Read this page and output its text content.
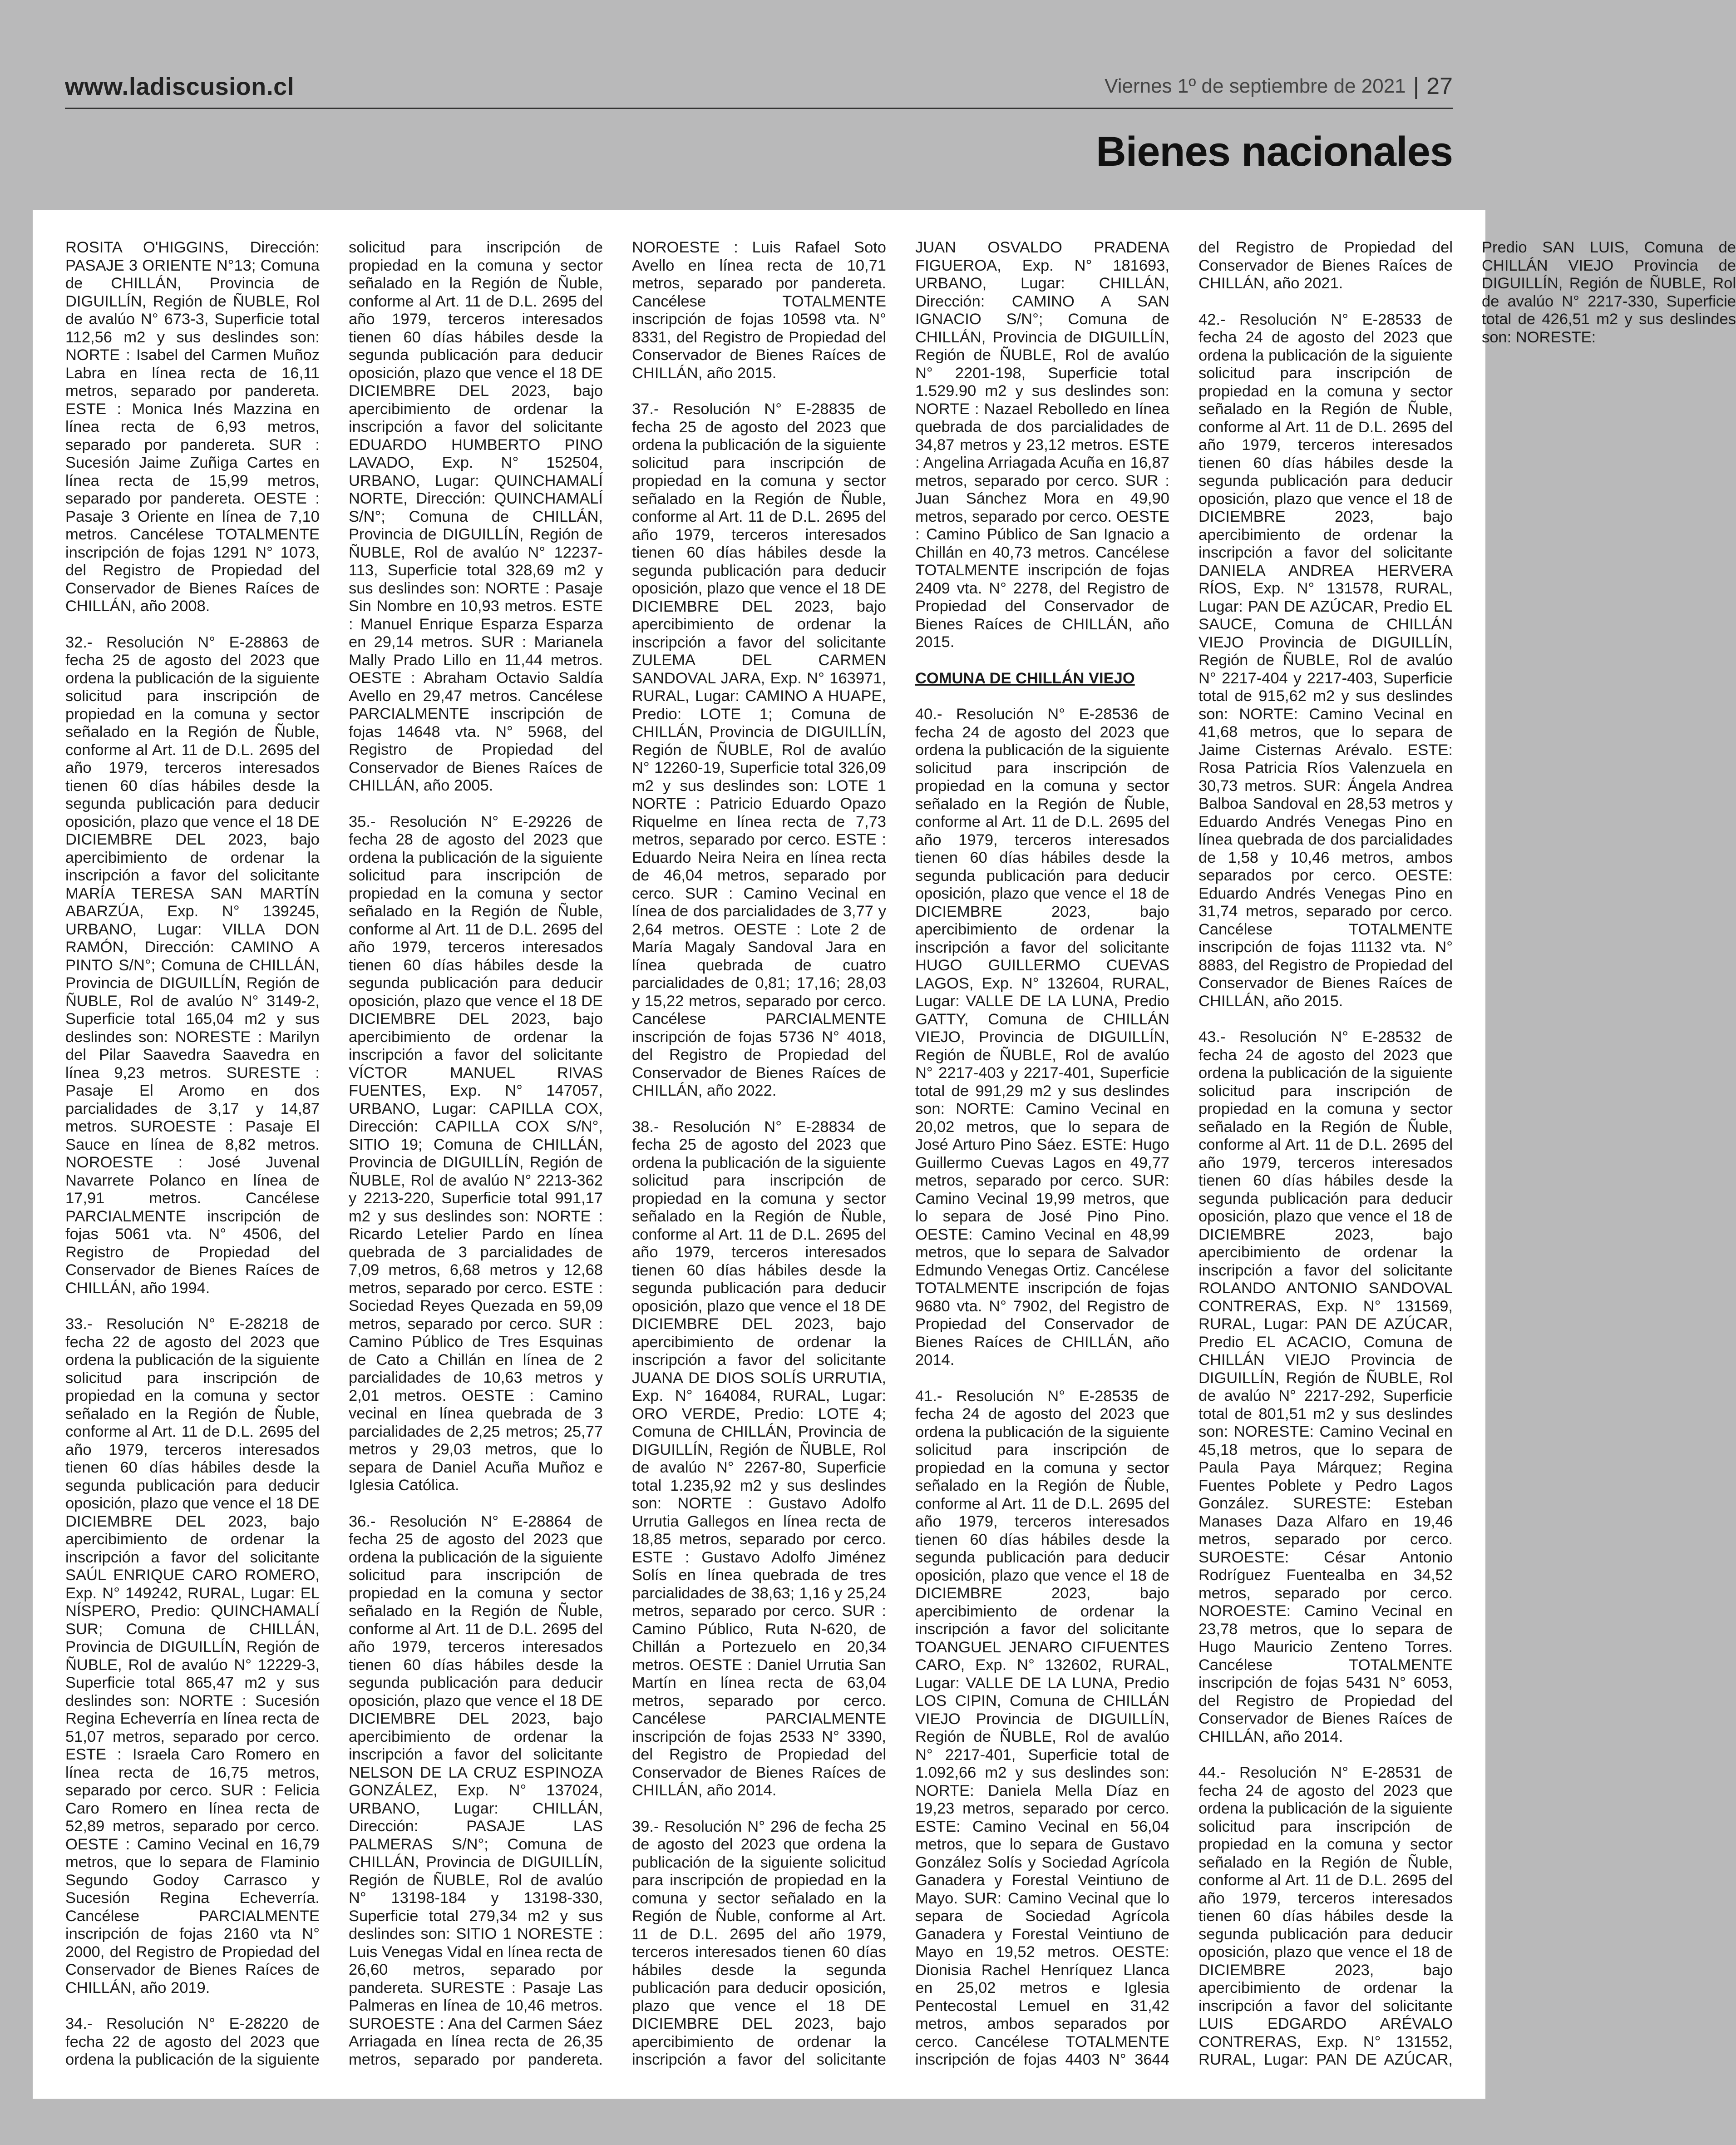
www.ladiscusion.cl	Viernes 1º de septiembre de 2021 | 27
Bienes nacionales

ROSITA O'HIGGINS, Dirección: PASAJE 3 ORIENTE N°13; Comuna de CHILLÁN, Provincia de DIGUILLÍN, Región de ÑUBLE, Rol de avalúo N° 673-3, Superficie total 112,56 m2 y sus deslindes son: NORTE : Isabel del Carmen Muñoz Labra en línea recta de 16,11 metros, separado por pandereta. ESTE : Monica Inés Mazzina en línea recta de 6,93 metros, separado por pandereta. SUR : Sucesión Jaime Zuñiga Cartes en línea recta de 15,99 metros, separado por pandereta. OESTE : Pasaje 3 Oriente en línea de 7,10 metros. Cancélese TOTALMENTE inscripción de fojas 1291 N° 1073, del Registro de Propiedad del Conservador de Bienes Raíces de CHILLÁN, año 2008.

32.- Resolución N° E-28863 de fecha 25 de agosto del 2023 que ordena la publicación de la siguiente solicitud para inscripción de propiedad en la comuna y sector señalado en la Región de Ñuble, conforme al Art. 11 de D.L. 2695 del año 1979, terceros interesados tienen 60 días hábiles desde la segunda publicación para deducir oposición, plazo que vence el 18 DE DICIEMBRE DEL 2023, bajo apercibimiento de ordenar la inscripción a favor del solicitante MARÍA TERESA SAN MARTÍN ABARZÚA, Exp. N° 139245, URBANO, Lugar: VILLA DON RAMÓN, Dirección: CAMINO A PINTO S/N°; Comuna de CHILLÁN, Provincia de DIGUILLÍN, Región de ÑUBLE, Rol de avalúo N° 3149-2, Superficie total 165,04 m2 y sus deslindes son: NORESTE : Marilyn del Pilar Saavedra Saavedra en línea 9,23 metros. SURESTE : Pasaje El Aromo en dos parcialidades de 3,17 y 14,87 metros. SUROESTE : Pasaje El Sauce en línea de 8,82 metros. NOROESTE : José Juvenal Navarrete Polanco en línea de 17,91 metros. Cancélese PARCIALMENTE inscripción de fojas 5061 vta. N° 4506, del Registro de Propiedad del Conservador de Bienes Raíces de CHILLÁN, año 1994.

33.- Resolución N° E-28218 de fecha 22 de agosto del 2023 que ordena la publicación de la siguiente solicitud para inscripción de propiedad en la comuna y sector señalado en la Región de Ñuble, conforme al Art. 11 de D.L. 2695 del año 1979, terceros interesados tienen 60 días hábiles desde la segunda publicación para deducir oposición, plazo que vence el 18 DE DICIEMBRE DEL 2023, bajo apercibimiento de ordenar la inscripción a favor del solicitante SAÚL ENRIQUE CARO ROMERO, Exp. N° 149242, RURAL, Lugar: EL NÍSPERO, Predio: QUINCHAMALÍ SUR; Comuna de CHILLÁN, Provincia de DIGUILLÍN, Región de ÑUBLE, Rol de avalúo N° 12229-3, Superficie total 865,47 m2 y sus deslindes son: NORTE : Sucesión Regina Echeverría en línea recta de 51,07 metros, separado por cerco. ESTE : Israela Caro Romero en línea recta de 16,75 metros, separado por cerco. SUR : Felicia Caro Romero en línea recta de 52,89 metros, separado por cerco. OESTE : Camino Vecinal en 16,79 metros, que lo separa de Flaminio Segundo Godoy Carrasco y Sucesión Regina Echeverría. Cancélese PARCIALMENTE inscripción de fojas 2160 vta N° 2000, del Registro de Propiedad del Conservador de Bienes Raíces de CHILLÁN, año 2019.

34.- Resolución N° E-28220 de fecha 22 de agosto del 2023 que ordena la publicación de la siguiente solicitud para inscripción de propiedad en la comuna y sector señalado en la Región de Ñuble, conforme al Art. 11 de D.L. 2695 del año 1979, terceros interesados tienen 60 días hábiles desde la segunda publicación para deducir oposición, plazo que vence el 18 DE DICIEMBRE DEL 2023, bajo apercibimiento de ordenar la inscripción a favor del solicitante EDUARDO HUMBERTO PINO LAVADO, Exp. N° 152504, URBANO, Lugar: QUINCHAMALÍ NORTE, Dirección: QUINCHAMALÍ S/N°; Comuna de CHILLÁN, Provincia de DIGUILLÍN, Región de ÑUBLE, Rol de avalúo N° 12237-113, Superficie total 328,69 m2 y sus deslindes son: NORTE : Pasaje Sin Nombre en 10,93 metros. ESTE : Manuel Enrique Esparza Esparza en 29,14 metros. SUR : Marianela Mally Prado Lillo en 11,44 metros. OESTE : Abraham Octavio Saldía Avello en 29,47 metros. Cancélese PARCIALMENTE inscripción de fojas 14648 vta. N° 5968, del Registro de Propiedad del Conservador de Bienes Raíces de CHILLÁN, año 2005.

35.- Resolución N° E-29226 de fecha 28 de agosto del 2023 que ordena la publicación de la siguiente solicitud para inscripción de propiedad en la comuna y sector señalado en la Región de Ñuble, conforme al Art. 11 de D.L. 2695 del año 1979, terceros interesados tienen 60 días hábiles desde la segunda publicación para deducir oposición, plazo que vence el 18 DE DICIEMBRE DEL 2023, bajo apercibimiento de ordenar la inscripción a favor del solicitante VÍCTOR MANUEL RIVAS FUENTES, Exp. N° 147057, URBANO, Lugar: CAPILLA COX, Dirección: CAPILLA COX S/N°, SITIO 19; Comuna de CHILLÁN, Provincia de DIGUILLÍN, Región de ÑUBLE, Rol de avalúo N° 2213-362 y 2213-220, Superficie total 991,17 m2 y sus deslindes son: NORTE : Ricardo Letelier Pardo en línea quebrada de 3 parcialidades de 7,09 metros, 6,68 metros y 12,68 metros, separado por cerco. ESTE : Sociedad Reyes Quezada en 59,09 metros, separado por cerco. SUR : Camino Público de Tres Esquinas de Cato a Chillán en línea de 2 parcialidades de 10,63 metros y 2,01 metros. OESTE : Camino vecinal en línea quebrada de 3 parcialidades de 2,25 metros; 25,77 metros y 29,03 metros, que lo separa de Daniel Acuña Muñoz e Iglesia Católica.

36.- Resolución N° E-28864 de fecha 25 de agosto del 2023 que ordena la publicación de la siguiente solicitud para inscripción de propiedad en la comuna y sector señalado en la Región de Ñuble, conforme al Art. 11 de D.L. 2695 del año 1979, terceros interesados tienen 60 días hábiles desde la segunda publicación para deducir oposición, plazo que vence el 18 DE DICIEMBRE DEL 2023, bajo apercibimiento de ordenar la inscripción a favor del solicitante NELSON DE LA CRUZ ESPINOZA GONZÁLEZ, Exp. N° 137024, URBANO, Lugar: CHILLÁN, Dirección: PASAJE LAS PALMERAS S/N°; Comuna de CHILLÁN, Provincia de DIGUILLÍN, Región de ÑUBLE, Rol de avalúo N° 13198-184 y 13198-330, Superficie total 279,34 m2 y sus deslindes son: SITIO 1 NORESTE : Luis Venegas Vidal en línea recta de 26,60 metros, separado por pandereta. SURESTE : Pasaje Las Palmeras en línea de 10,46 metros. SUROESTE : Ana del Carmen Sáez Arriagada en línea recta de 26,35 metros, separado por pandereta. NOROESTE : Luis Rafael Soto Avello en línea recta de 10,71 metros, separado por pandereta. Cancélese TOTALMENTE inscripción de fojas 10598 vta. N° 8331, del Registro de Propiedad del Conservador de Bienes Raíces de CHILLÁN, año 2015.

37.- Resolución N° E-28835 de fecha 25 de agosto del 2023 que ordena la publicación de la siguiente solicitud para inscripción de propiedad en la comuna y sector señalado en la Región de Ñuble, conforme al Art. 11 de D.L. 2695 del año 1979, terceros interesados tienen 60 días hábiles desde la segunda publicación para deducir oposición, plazo que vence el 18 DE DICIEMBRE DEL 2023, bajo apercibimiento de ordenar la inscripción a favor del solicitante ZULEMA DEL CARMEN SANDOVAL JARA, Exp. N° 163971, RURAL, Lugar: CAMINO A HUAPE, Predio: LOTE 1; Comuna de CHILLÁN, Provincia de DIGUILLÍN, Región de ÑUBLE, Rol de avalúo N° 12260-19, Superficie total 326,09 m2 y sus deslindes son: LOTE 1 NORTE : Patricio Eduardo Opazo Riquelme en línea recta de 7,73 metros, separado por cerco. ESTE : Eduardo Neira Neira en línea recta de 46,04 metros, separado por cerco. SUR : Camino Vecinal en línea de dos parcialidades de 3,77 y 2,64 metros. OESTE : Lote 2 de María Magaly Sandoval Jara en línea quebrada de cuatro parcialidades de 0,81; 17,16; 28,03 y 15,22 metros, separado por cerco. Cancélese PARCIALMENTE inscripción de fojas 5736 N° 4018, del Registro de Propiedad del Conservador de Bienes Raíces de CHILLÁN, año 2022.

38.- Resolución N° E-28834 de fecha 25 de agosto del 2023 que ordena la publicación de la siguiente solicitud para inscripción de propiedad en la comuna y sector señalado en la Región de Ñuble, conforme al Art. 11 de D.L. 2695 del año 1979, terceros interesados tienen 60 días hábiles desde la segunda publicación para deducir oposición, plazo que vence el 18 DE DICIEMBRE DEL 2023, bajo apercibimiento de ordenar la inscripción a favor del solicitante JUANA DE DIOS SOLÍS URRUTIA, Exp. N° 164084, RURAL, Lugar: ORO VERDE, Predio: LOTE 4; Comuna de CHILLÁN, Provincia de DIGUILLÍN, Región de ÑUBLE, Rol de avalúo N° 2267-80, Superficie total 1.235,92 m2 y sus deslindes son: NORTE : Gustavo Adolfo Urrutia Gallegos en línea recta de 18,85 metros, separado por cerco. ESTE : Gustavo Adolfo Jiménez Solís en línea quebrada de tres parcialidades de 38,63; 1,16 y 25,24 metros, separado por cerco. SUR : Camino Público, Ruta N-620, de Chillán a Portezuelo en 20,34 metros. OESTE : Daniel Urrutia San Martín en línea recta de 63,04 metros, separado por cerco. Cancélese PARCIALMENTE inscripción de fojas 2533 N° 3390, del Registro de Propiedad del Conservador de Bienes Raíces de CHILLÁN, año 2014.

39.- Resolución N° 296 de fecha 25 de agosto del 2023 que ordena la publicación de la siguiente solicitud para inscripción de propiedad en la comuna y sector señalado en la Región de Ñuble, conforme al Art. 11 de D.L. 2695 del año 1979, terceros interesados tienen 60 días hábiles desde la segunda publicación para deducir oposición, plazo que vence el 18 DE DICIEMBRE DEL 2023, bajo apercibimiento de ordenar la inscripción a favor del solicitante JUAN OSVALDO PRADENA FIGUEROA, Exp. N° 181693, URBANO, Lugar: CHILLÁN, Dirección: CAMINO A SAN IGNACIO S/N°; Comuna de CHILLÁN, Provincia de DIGUILLÍN, Región de ÑUBLE, Rol de avalúo N° 2201-198, Superficie total 1.529.90 m2 y sus deslindes son: NORTE : Nazael Rebolledo en línea quebrada de dos parcialidades de 34,87 metros y 23,12 metros. ESTE : Angelina Arriagada Acuña en 16,87 metros, separado por cerco. SUR : Juan Sánchez Mora en 49,90 metros, separado por cerco. OESTE : Camino Público de San Ignacio a Chillán en 40,73 metros. Cancélese TOTALMENTE inscripción de fojas 2409 vta. N° 2278, del Registro de Propiedad del Conservador de Bienes Raíces de CHILLÁN, año 2015.

COMUNA DE CHILLÁN VIEJO

40.- Resolución N° E-28536 de fecha 24 de agosto del 2023 que ordena la publicación de la siguiente solicitud para inscripción de propiedad en la comuna y sector señalado en la Región de Ñuble, conforme al Art. 11 de D.L. 2695 del año 1979, terceros interesados tienen 60 días hábiles desde la segunda publicación para deducir oposición, plazo que vence el 18 de DICIEMBRE 2023, bajo apercibimiento de ordenar la inscripción a favor del solicitante HUGO GUILLERMO CUEVAS LAGOS, Exp. N° 132604, RURAL, Lugar: VALLE DE LA LUNA, Predio GATTY, Comuna de CHILLÁN VIEJO, Provincia de DIGUILLÍN, Región de ÑUBLE, Rol de avalúo N° 2217-403 y 2217-401, Superficie total de 991,29 m2 y sus deslindes son: NORTE: Camino Vecinal en 20,02 metros, que lo separa de José Arturo Pino Sáez. ESTE: Hugo Guillermo Cuevas Lagos en 49,77 metros, separado por cerco. SUR: Camino Vecinal 19,99 metros, que lo separa de José Pino Pino. OESTE: Camino Vecinal en 48,99 metros, que lo separa de Salvador Edmundo Venegas Ortiz. Cancélese TOTALMENTE inscripción de fojas 9680 vta. N° 7902, del Registro de Propiedad del Conservador de Bienes Raíces de CHILLÁN, año 2014.

41.- Resolución N° E-28535 de fecha 24 de agosto del 2023 que ordena la publicación de la siguiente solicitud para inscripción de propiedad en la comuna y sector señalado en la Región de Ñuble, conforme al Art. 11 de D.L. 2695 del año 1979, terceros interesados tienen 60 días hábiles desde la segunda publicación para deducir oposición, plazo que vence el 18 de DICIEMBRE 2023, bajo apercibimiento de ordenar la inscripción a favor del solicitante TOANGUEL JENARO CIFUENTES CARO, Exp. N° 132602, RURAL, Lugar: VALLE DE LA LUNA, Predio LOS CIPIN, Comuna de CHILLÁN VIEJO Provincia de DIGUILLÍN, Región de ÑUBLE, Rol de avalúo N° 2217-401, Superficie total de 1.092,66 m2 y sus deslindes son: NORTE: Daniela Mella Díaz en 19,23 metros, separado por cerco. ESTE: Camino Vecinal en 56,04 metros, que lo separa de Gustavo González Solís y Sociedad Agrícola Ganadera y Forestal Veintiuno de Mayo. SUR: Camino Vecinal que lo separa de Sociedad Agrícola Ganadera y Forestal Veintiuno de Mayo en 19,52 metros. OESTE: Dionisia Rachel Henríquez Llanca en 25,02 metros e Iglesia Pentecostal Lemuel en 31,42 metros, ambos separados por cerco. Cancélese TOTALMENTE inscripción de fojas 4403 N° 3644 del Registro de Propiedad del Conservador de Bienes Raíces de CHILLÁN, año 2021.

42.- Resolución N° E-28533 de fecha 24 de agosto del 2023 que ordena la publicación de la siguiente solicitud para inscripción de propiedad en la comuna y sector señalado en la Región de Ñuble, conforme al Art. 11 de D.L. 2695 del año 1979, terceros interesados tienen 60 días hábiles desde la segunda publicación para deducir oposición, plazo que vence el 18 de DICIEMBRE 2023, bajo apercibimiento de ordenar la inscripción a favor del solicitante DANIELA ANDREA HERVERA RÍOS, Exp. N° 131578, RURAL, Lugar: PAN DE AZÚCAR, Predio EL SAUCE, Comuna de CHILLÁN VIEJO Provincia de DIGUILLÍN, Región de ÑUBLE, Rol de avalúo N° 2217-404 y 2217-403, Superficie total de 915,62 m2 y sus deslindes son: NORTE: Camino Vecinal en 41,68 metros, que lo separa de Jaime Cisternas Arévalo. ESTE: Rosa Patricia Ríos Valenzuela en 30,73 metros. SUR: Ángela Andrea Balboa Sandoval en 28,53 metros y Eduardo Andrés Venegas Pino en línea quebrada de dos parcialidades de 1,58 y 10,46 metros, ambos separados por cerco. OESTE: Eduardo Andrés Venegas Pino en 31,74 metros, separado por cerco. Cancélese TOTALMENTE inscripción de fojas 11132 vta. N° 8883, del Registro de Propiedad del Conservador de Bienes Raíces de CHILLÁN, año 2015.

43.- Resolución N° E-28532 de fecha 24 de agosto del 2023 que ordena la publicación de la siguiente solicitud para inscripción de propiedad en la comuna y sector señalado en la Región de Ñuble, conforme al Art. 11 de D.L. 2695 del año 1979, terceros interesados tienen 60 días hábiles desde la segunda publicación para deducir oposición, plazo que vence el 18 de DICIEMBRE 2023, bajo apercibimiento de ordenar la inscripción a favor del solicitante ROLANDO ANTONIO SANDOVAL CONTRERAS, Exp. N° 131569, RURAL, Lugar: PAN DE AZÚCAR, Predio EL ACACIO, Comuna de CHILLÁN VIEJO Provincia de DIGUILLÍN, Región de ÑUBLE, Rol de avalúo N° 2217-292, Superficie total de 801,51 m2 y sus deslindes son: NORESTE: Camino Vecinal en 45,18 metros, que lo separa de Paula Paya Márquez; Regina Fuentes Poblete y Pedro Lagos González. SURESTE: Esteban Manases Daza Alfaro en 19,46 metros, separado por cerco. SUROESTE: César Antonio Rodríguez Fuentealba en 34,52 metros, separado por cerco. NOROESTE: Camino Vecinal en 23,78 metros, que lo separa de Hugo Mauricio Zenteno Torres. Cancélese TOTALMENTE inscripción de fojas 5431 N° 6053, del Registro de Propiedad del Conservador de Bienes Raíces de CHILLÁN, año 2014.

44.- Resolución N° E-28531 de fecha 24 de agosto del 2023 que ordena la publicación de la siguiente solicitud para inscripción de propiedad en la comuna y sector señalado en la Región de Ñuble, conforme al Art. 11 de D.L. 2695 del año 1979, terceros interesados tienen 60 días hábiles desde la segunda publicación para deducir oposición, plazo que vence el 18 de DICIEMBRE 2023, bajo apercibimiento de ordenar la inscripción a favor del solicitante LUIS EDGARDO ARÉVALO CONTRERAS, Exp. N° 131552, RURAL, Lugar: PAN DE AZÚCAR, Predio SAN LUIS, Comuna de CHILLÁN VIEJO Provincia de DIGUILLÍN, Región de ÑUBLE, Rol de avalúo N° 2217-330, Superficie total de 426,51 m2 y sus deslindes son: NORESTE:
